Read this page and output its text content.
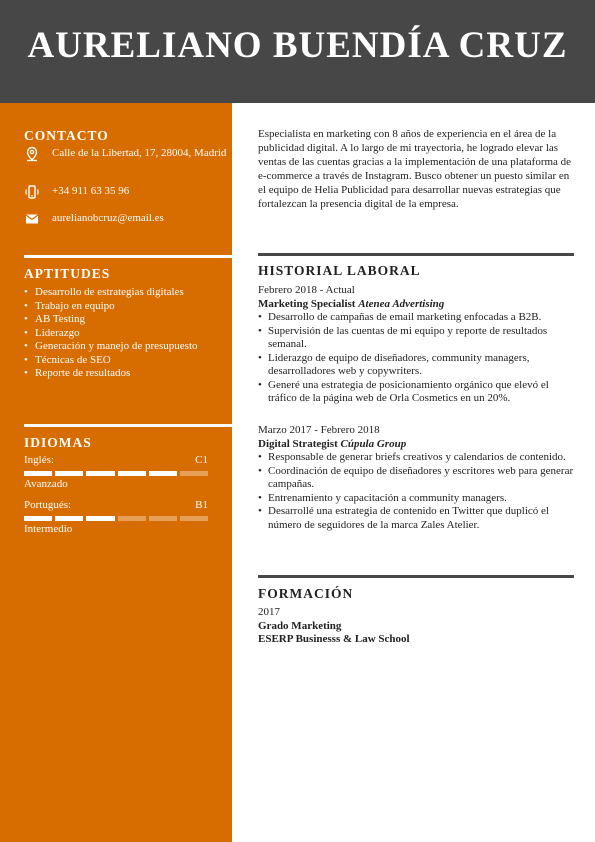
AURELIANO BUENDÍA CRUZ
CONTACTO
Calle de la Libertad, 17, 28004, Madrid
+34 911 63 35 96
aurelianobcruz@email.es
APTITUDES
• Desarrollo de estrategias digitales
• Trabajo en equipo
• AB Testing
• Liderazgo
• Generación y manejo de presupuesto
• Técnicas de SEO
• Reporte de resultados
IDIOMAS
Inglés:	C1
Avanzado
Portugués:	B1
Intermedio

Especialista en marketing con 8 años de experiencia en el área de la publicidad digital. A lo largo de mi trayectoria, he logrado elevar las ventas de las cuentas gracias a la implementación de una plataforma de e-commerce a través de Instagram. Busco obtener un puesto similar en el equipo de Helia Publicidad para desarrollar nuevas estrategias que fortalezcan la presencia digital de la empresa.

HISTORIAL LABORAL
Febrero 2018 - Actual
Marketing Specialist Atenea Advertising
• Desarrollo de campañas de email marketing enfocadas a B2B.
• Supervisión de las cuentas de mi equipo y reporte de resultados semanal.
• Liderazgo de equipo de diseñadores, community managers, desarrolladores web y copywriters.
• Generé una estrategia de posicionamiento orgánico que elevó el tráfico de la página web de Orla Cosmetics en un 20%.
Marzo 2017 - Febrero 2018
Digital Strategist Cúpula Group
• Responsable de generar briefs creativos y calendarios de contenido.
• Coordinación de equipo de diseñadores y escritores web para generar campañas.
• Entrenamiento y capacitación a community managers.
• Desarrollé una estrategia de contenido en Twitter que duplicó el número de seguidores de la marca Zales Atelier.
FORMACIÓN
2017
Grado Marketing
ESERP Businesss & Law School
